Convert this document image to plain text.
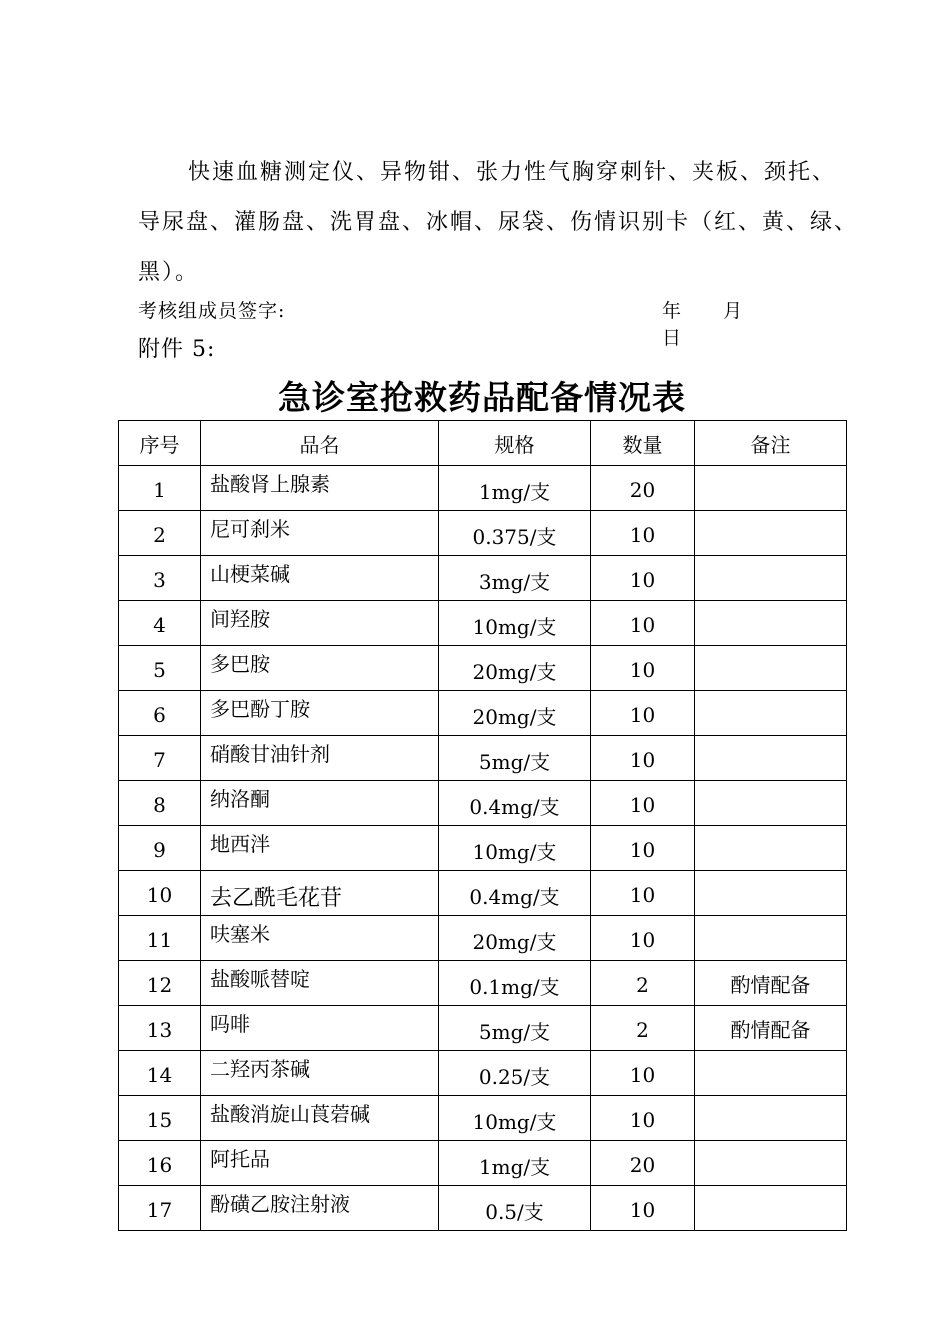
快速血糖测定仪、异物钳、张力性气胸穿刺针、夹板、颈托、
导尿盘、灌肠盘、洗胃盘、冰帽、尿袋、伤情识别卡（红、黄、绿、
黑）。
考核组成员签字:	年 月 日
附件 5:
急诊室抢救药品配备情况表
序号	品名	规格	数量	备注
1	盐酸肾上腺素	1mg/支	20	
2	尼可刹米	0.375/支	10	
3	山梗菜碱	3mg/支	10	
4	间羟胺	10mg/支	10	
5	多巴胺	20mg/支	10	
6	多巴酚丁胺	20mg/支	10	
7	硝酸甘油针剂	5mg/支	10	
8	纳洛酮	0.4mg/支	10	
9	地西泮	10mg/支	10	
10	去乙酰毛花苷	0.4mg/支	10	
11	呋塞米	20mg/支	10	
12	盐酸哌替啶	0.1mg/支	2	酌情配备
13	吗啡	5mg/支	2	酌情配备
14	二羟丙茶碱	0.25/支	10	
15	盐酸消旋山莨菪碱	10mg/支	10	
16	阿托品	1mg/支	20	
17	酚磺乙胺注射液	0.5/支	10	
